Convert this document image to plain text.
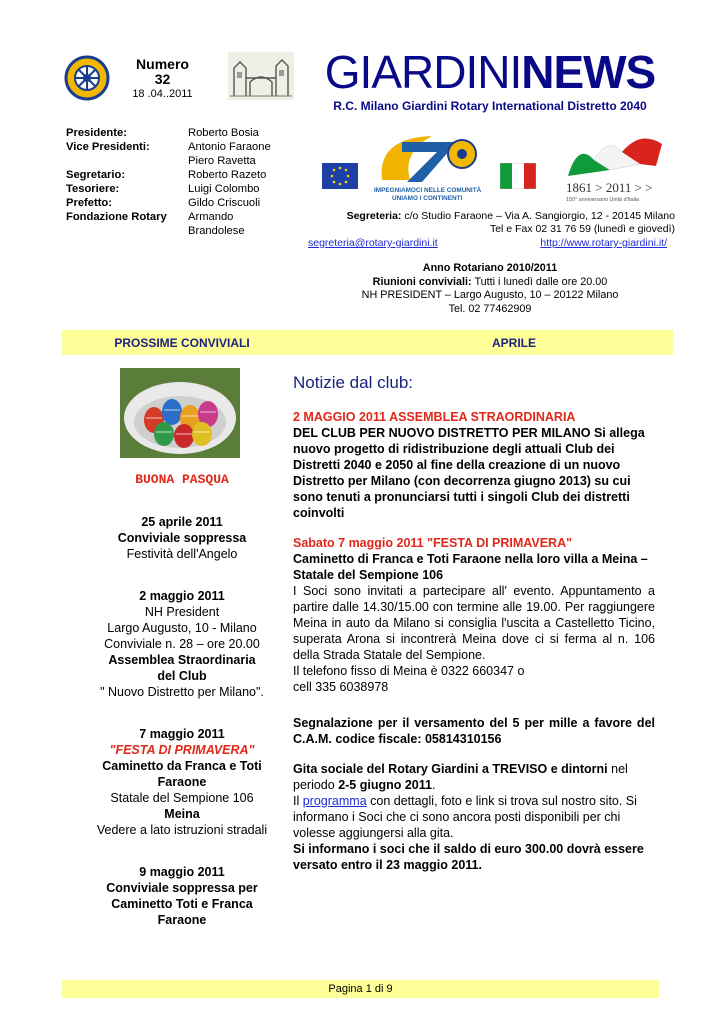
Numero
32
18 .04..2011	GIARDININEWS
R.C. Milano Giardini Rotary International Distretto 2040
Presidente:	Roberto Bosia
Vice Presidenti:	Antonio Faraone
Piero Ravetta
Segretario:	Roberto Razeto
Tesoriere:	Luigi Colombo
Prefetto:	Gildo Criscuoli
Fondazione Rotary	Armando
Brandolese
IMPEGNIAMOCI NELLE COMUNITÀ
UNIAMO I CONTINENTI
1861 > 2011 > >
150° anniversario Unità d'Italia
Segreteria: c/o Studio Faraone – Via A. Sangiorgio, 12 - 20145 Milano
Tel e Fax 02 31 76 59 (lunedì e giovedì)
segreteria@rotary-giardini.it	http://www.rotary-giardini.it/
Anno Rotariano 2010/2011
Riunioni conviviali: Tutti i lunedì dalle ore 20.00
NH PRESIDENT – Largo Augusto, 10 – 20122 Milano
Tel. 02 77462909
PROSSIME CONVIVIALI	APRILE
BUONA PASQUA
25 aprile 2011
Conviviale soppressa
Festività dell'Angelo
2 maggio 2011
NH President
Largo Augusto, 10 - Milano
Conviviale n. 28 – ore 20.00
Assemblea Straordinaria
del Club
" Nuovo Distretto per Milano".
7 maggio 2011
"FESTA DI PRIMAVERA"
Caminetto da Franca e Toti
Faraone
Statale del Sempione 106
Meina
Vedere a lato istruzioni stradali
9 maggio 2011
Conviviale soppressa per
Caminetto Toti e Franca
Faraone
Notizie dal club:
2 MAGGIO 2011 ASSEMBLEA STRAORDINARIA
DEL CLUB PER NUOVO DISTRETTO PER MILANO Si allega nuovo progetto di ridistribuzione degli attuali Club dei Distretti 2040 e 2050 al fine della creazione di un nuovo Distretto per Milano (con decorrenza giugno 2013) su cui sono tenuti a pronunciarsi tutti i singoli Club dei distretti coinvolti
Sabato 7 maggio 2011 "FESTA DI PRIMAVERA"
Caminetto di Franca e Toti Faraone nella loro villa a Meina – Statale del Sempione 106
I Soci sono invitati a partecipare all' evento. Appuntamento a partire dalle 14.30/15.00 con termine alle 19.00. Per raggiungere Meina in auto da Milano si consiglia l'uscita a Castelletto Ticino, superata Arona si incontrerà Meina dove ci si ferma al n. 106 della Strada Statale del Sempione.
Il telefono fisso di Meina è 0322 660347 o
cell 335 6038978
Segnalazione per il versamento del 5 per mille a favore del C.A.M. codice fiscale: 05814310156
Gita sociale del Rotary Giardini a TREVISO e dintorni nel periodo 2-5 giugno 2011.
Il programma con dettagli, foto e link si trova sul nostro sito. Si informano i Soci che ci sono ancora posti disponibili per chi volesse aggiungersi alla gita.
Si informano i soci che il saldo di euro 300.00 dovrà essere versato entro il 23 maggio 2011.
Pagina 1 di 9
